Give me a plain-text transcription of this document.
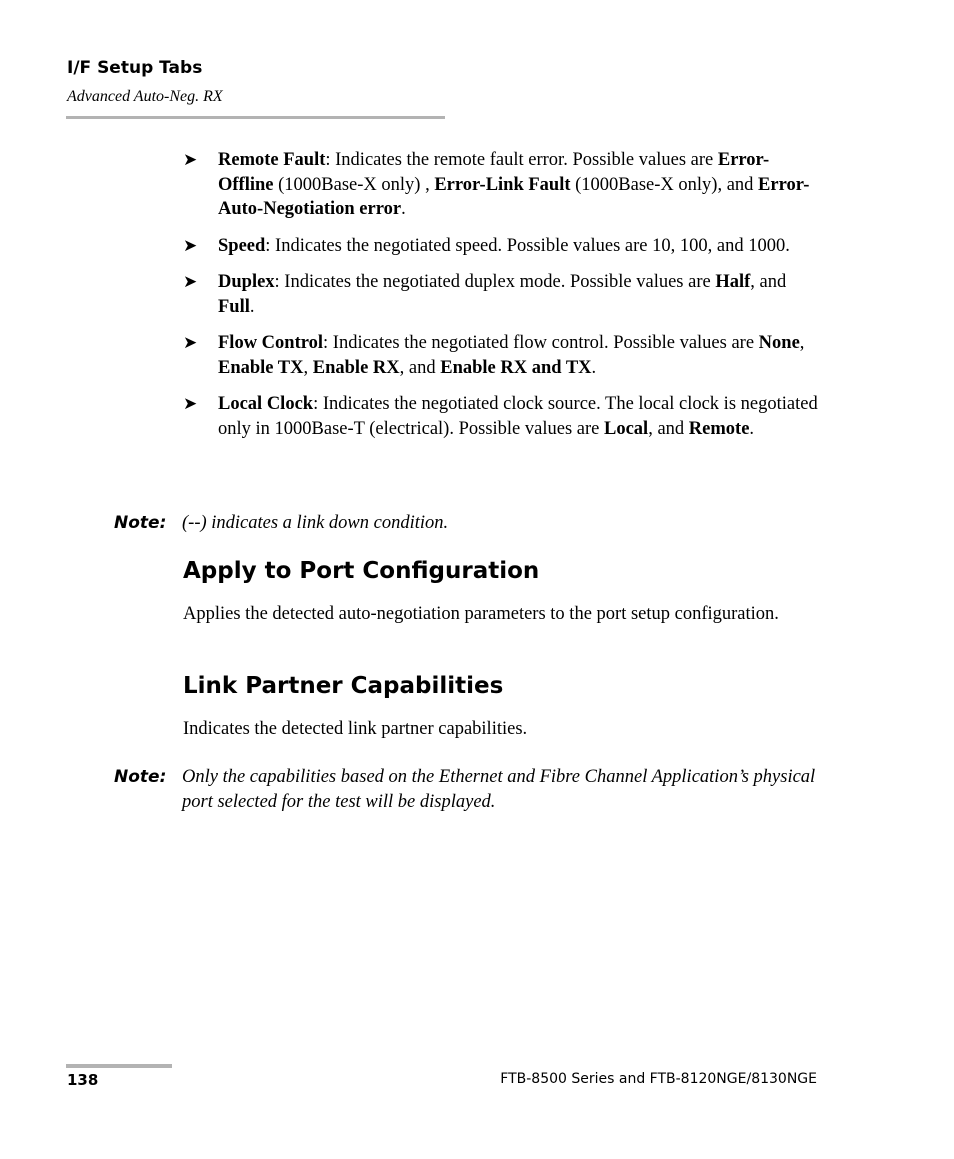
I/F Setup Tabs
Advanced Auto-Neg. RX
➤ Remote Fault: Indicates the remote fault error. Possible values are Error-Offline (1000Base-X only) , Error-Link Fault (1000Base-X only), and Error-Auto-Negotiation error.
➤ Speed: Indicates the negotiated speed. Possible values are 10, 100, and 1000.
➤ Duplex: Indicates the negotiated duplex mode. Possible values are Half, and Full.
➤ Flow Control: Indicates the negotiated flow control. Possible values are None, Enable TX, Enable RX, and Enable RX and TX.
➤ Local Clock: Indicates the negotiated clock source. The local clock is negotiated only in 1000Base-T (electrical). Possible values are Local, and Remote.
Note: (--) indicates a link down condition.
Apply to Port Configuration

Applies the detected auto-negotiation parameters to the port setup configuration.

Link Partner Capabilities

Indicates the detected link partner capabilities.

Note: Only the capabilities based on the Ethernet and Fibre Channel Application’s physical port selected for the test will be displayed.
138	FTB-8500 Series and FTB-8120NGE/8130NGE
